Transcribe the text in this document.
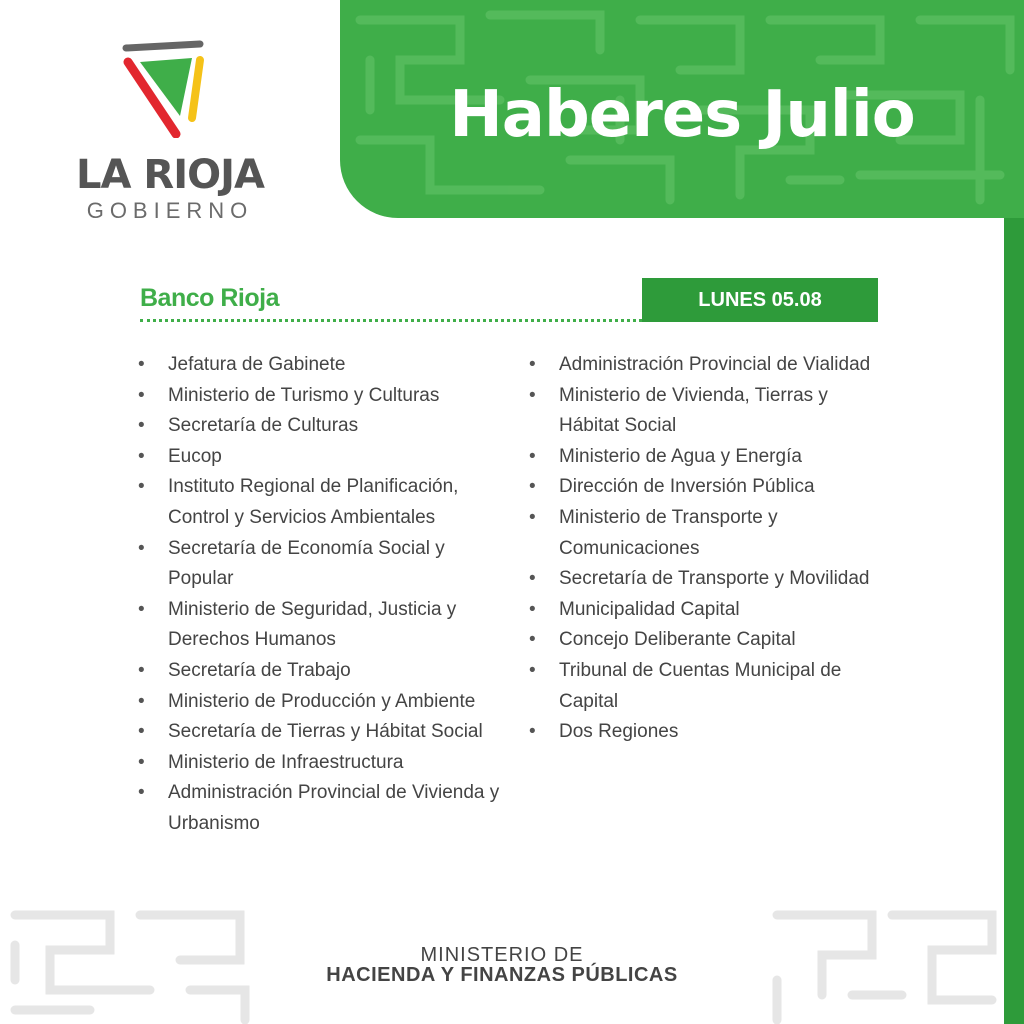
Haberes Julio
LA RIOJA
GOBIERNO
Banco Rioja	LUNES 05.08
• Jefatura de Gabinete
• Ministerio de Turismo y Culturas
• Secretaría de Culturas
• Eucop
• Instituto Regional de Planificación,
Control y Servicios Ambientales
• Secretaría de Economía Social y
Popular
• Ministerio de Seguridad, Justicia y
Derechos Humanos
• Secretaría de Trabajo
• Ministerio de Producción y Ambiente
• Secretaría de Tierras y Hábitat Social
• Ministerio de Infraestructura
• Administración Provincial de Vivienda y
Urbanismo
• Administración Provincial de Vialidad
• Ministerio de Vivienda, Tierras y
Hábitat Social
• Ministerio de Agua y Energía
• Dirección de Inversión Pública
• Ministerio de Transporte y
Comunicaciones
• Secretaría de Transporte y Movilidad
• Municipalidad Capital
• Concejo Deliberante Capital
• Tribunal de Cuentas Municipal de
Capital
• Dos Regiones
MINISTERIO DE
HACIENDA Y FINANZAS PÚBLICAS
